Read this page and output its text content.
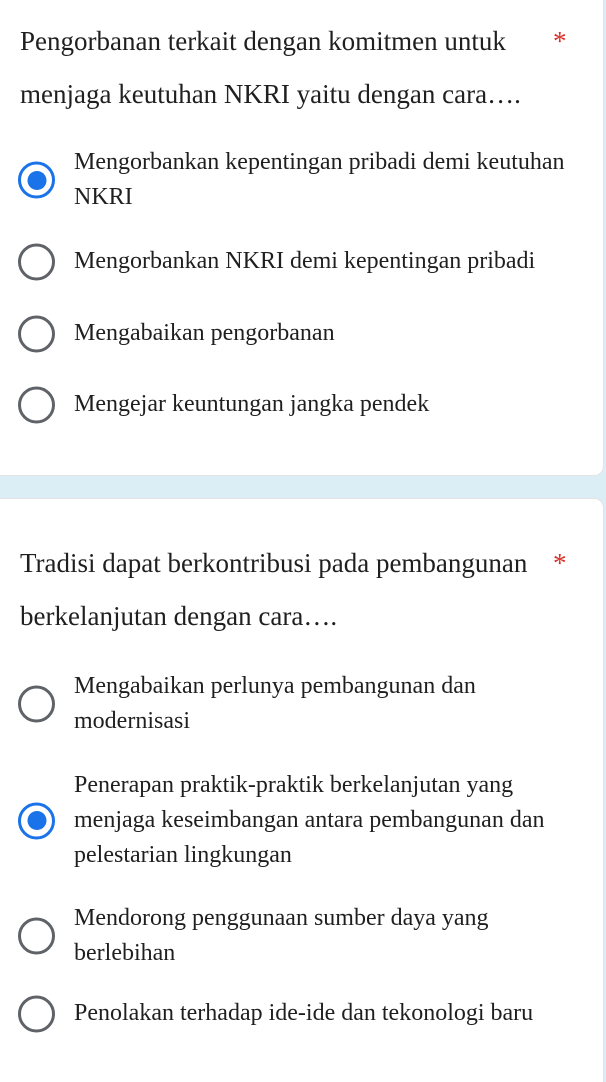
Pengorbanan terkait dengan komitmen untuk menjaga keutuhan NKRI yaitu dengan cara….
*
Mengorbankan kepentingan pribadi demi keutuhan NKRI
Mengorbankan NKRI demi kepentingan pribadi
Mengabaikan pengorbanan
Mengejar keuntungan jangka pendek
Tradisi dapat berkontribusi pada pembangunan berkelanjutan dengan cara….
*
Mengabaikan perlunya pembangunan dan modernisasi
Penerapan praktik-praktik berkelanjutan yang menjaga keseimbangan antara pembangunan dan pelestarian lingkungan
Mendorong penggunaan sumber daya yang berlebihan
Penolakan terhadap ide-ide dan tekonologi baru
